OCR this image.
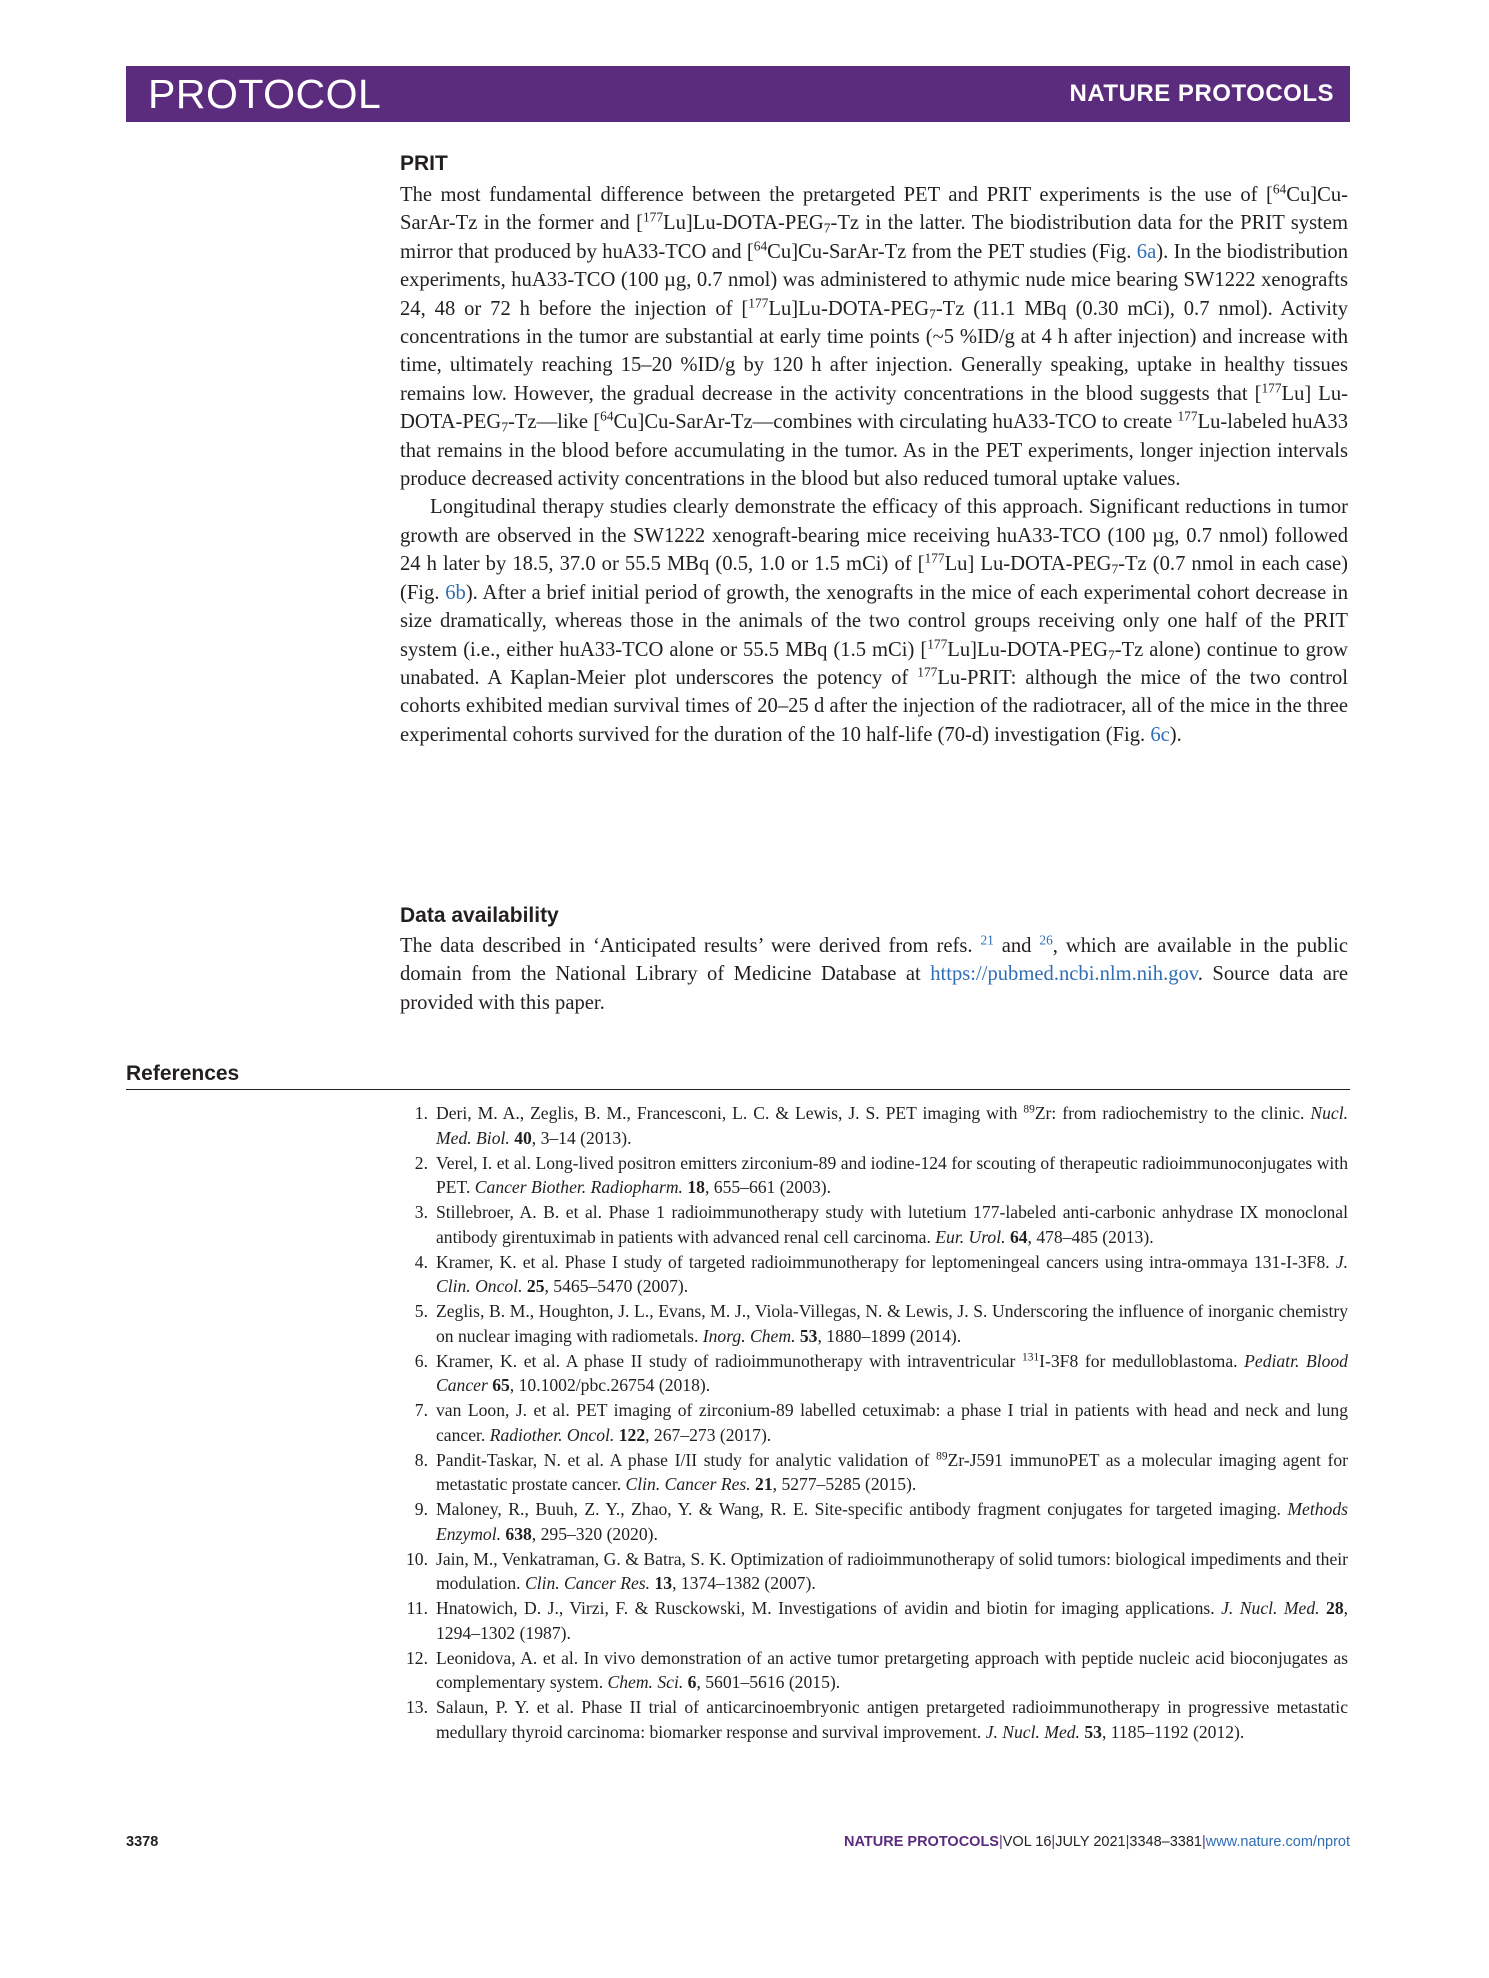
PROTOCOL	NATURE PROTOCOLS
PRIT

The most fundamental difference between the pretargeted PET and PRIT experiments is the use of [$^{64}$Cu]Cu-SarAr-Tz in the former and $[^{177}Lu]Lu-DOTA-PEG_7-Tz$ in the latter. The biodistribution data for the PRIT system mirror that produced by huA33-TCO and [$^{64}$Cu]Cu-SarAr-Tz from the PET studies (Fig. 6a). In the biodistribution experiments, huA33-TCO (100 µg, 0.7 nmol) was administered to athymic nude mice bearing SW1222 xenografts 24, 48 or 72 h before the injection of $[^{177}Lu]Lu-DOTA-PEG_7-Tz$ (11.1 MBq (0.30 mCi), 0.7 nmol). Activity concentrations in the tumor are substantial at early time points (~5 %ID/g at 4 h after injection) and increase with time, ultimately reaching 15–20 %ID/g by 120 h after injection. Generally speaking, uptake in healthy tissues remains low. However, the gradual decrease in the activity concentrations in the blood suggests that [$^{177}$Lu] $Lu-DOTA-PEG_7-Tz—like$ [$^{64}$Cu]Cu-SarAr-Tz—combines with circulating huA33-TCO to create $^{177}$Lu-labeled huA33 that remains in the blood before accumulating in the tumor. As in the PET experiments, longer injection intervals produce decreased activity concentrations in the blood but also reduced tumoral uptake values.

Longitudinal therapy studies clearly demonstrate the efficacy of this approach. Significant reductions in tumor growth are observed in the SW1222 xenograft-bearing mice receiving huA33-TCO (100 µg, 0.7 nmol) followed 24 h later by 18.5, 37.0 or 55.5 MBq (0.5, 1.0 or 1.5 mCi) of [$^{177}$Lu] $Lu-DOTA-PEG_7-Tz$ (0.7 nmol in each case) (Fig. 6b). After a brief initial period of growth, the xenografts in the mice of each experimental cohort decrease in size dramatically, whereas those in the animals of the two control groups receiving only one half of the PRIT system (i.e., either huA33-TCO alone or 55.5 MBq (1.5 mCi) $[^{177}Lu]Lu-DOTA-PEG_7-Tz$ alone) continue to grow unabated. A Kaplan-Meier plot underscores the potency of $^{177}$Lu-PRIT: although the mice of the two control cohorts exhibited median survival times of 20–25 d after the injection of the radiotracer, all of the mice in the three experimental cohorts survived for the duration of the 10 half-life (70-d) investigation (Fig. 6c).

Data availability

The data described in ‘Anticipated results’ were derived from refs. $^{21}$ and $^{26}$, which are available in the public domain from the National Library of Medicine Database at https://pubmed.ncbi.nlm.nih.gov. Source data are provided with this paper.

References
1. Deri, M. A., Zeglis, B. M., Francesconi, L. C. & Lewis, J. S. PET imaging with $^{89}$Zr: from radiochemistry to the clinic. Nucl. Med. Biol. 40, 3–14 (2013).
2. Verel, I. et al. Long-lived positron emitters zirconium-89 and iodine-124 for scouting of therapeutic radioimmunoconjugates with PET. Cancer Biother. Radiopharm. 18, 655–661 (2003).
3. Stillebroer, A. B. et al. Phase 1 radioimmunotherapy study with lutetium 177-labeled anti-carbonic anhydrase IX monoclonal antibody girentuximab in patients with advanced renal cell carcinoma. Eur. Urol. 64, 478–485 (2013).
4. Kramer, K. et al. Phase I study of targeted radioimmunotherapy for leptomeningeal cancers using intra-ommaya 131-I-3F8. J. Clin. Oncol. 25, 5465–5470 (2007).
5. Zeglis, B. M., Houghton, J. L., Evans, M. J., Viola-Villegas, N. & Lewis, J. S. Underscoring the influence of inorganic chemistry on nuclear imaging with radiometals. Inorg. Chem. 53, 1880–1899 (2014).
6. Kramer, K. et al. A phase II study of radioimmunotherapy with intraventricular $^{131}$I-3F8 for medulloblastoma. Pediatr. Blood Cancer 65, 10.1002/pbc.26754 (2018).
7. van Loon, J. et al. PET imaging of zirconium-89 labelled cetuximab: a phase I trial in patients with head and neck and lung cancer. Radiother. Oncol. 122, 267–273 (2017).
8. Pandit-Taskar, N. et al. A phase I/II study for analytic validation of $^{89}$Zr-J591 immunoPET as a molecular imaging agent for metastatic prostate cancer. Clin. Cancer Res. 21, 5277–5285 (2015).
9. Maloney, R., Buuh, Z. Y., Zhao, Y. & Wang, R. E. Site-specific antibody fragment conjugates for targeted imaging. Methods Enzymol. 638, 295–320 (2020).
10. Jain, M., Venkatraman, G. & Batra, S. K. Optimization of radioimmunotherapy of solid tumors: biological impediments and their modulation. Clin. Cancer Res. 13, 1374–1382 (2007).
11. Hnatowich, D. J., Virzi, F. & Rusckowski, M. Investigations of avidin and biotin for imaging applications. J. Nucl. Med. 28, 1294–1302 (1987).
12. Leonidova, A. et al. In vivo demonstration of an active tumor pretargeting approach with peptide nucleic acid bioconjugates as complementary system. Chem. Sci. 6, 5601–5616 (2015).
13. Salaun, P. Y. et al. Phase II trial of anticarcinoembryonic antigen pretargeted radioimmunotherapy in progressive metastatic medullary thyroid carcinoma: biomarker response and survival improvement. J. Nucl. Med. 53, 1185–1192 (2012).
3378	NATURE PROTOCOLS|VOL 16|JULY 2021|3348–3381|www.nature.com/nprot
